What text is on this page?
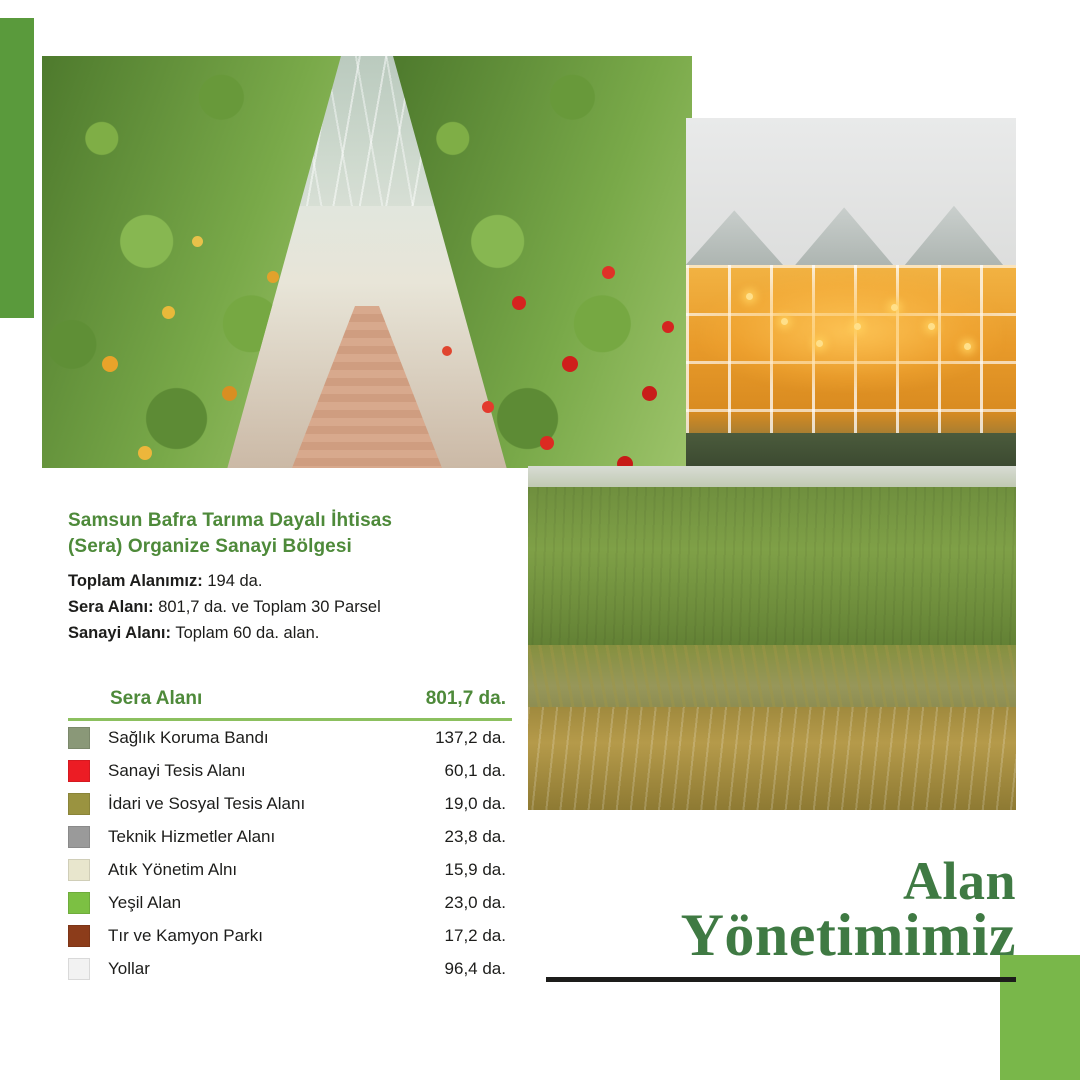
Samsun Bafra Tarıma Dayalı İhtisas
(Sera) Organize Sanayi Bölgesi
Toplam Alanımız: 194 da.
Sera Alanı: 801,7 da. ve Toplam 30 Parsel
Sanayi Alanı: Toplam 60 da. alan.
Sera Alanı	801,7 da.
Sağlık Koruma Bandı	137,2 da.
Sanayi Tesis Alanı	60,1 da.
İdari ve Sosyal Tesis Alanı	19,0 da.
Teknik Hizmetler Alanı	23,8 da.
Atık Yönetim Alnı	15,9 da.
Yeşil Alan	23,0 da.
Tır ve Kamyon Parkı	17,2 da.
Yollar	96,4 da.
Alan
Yönetimimiz
